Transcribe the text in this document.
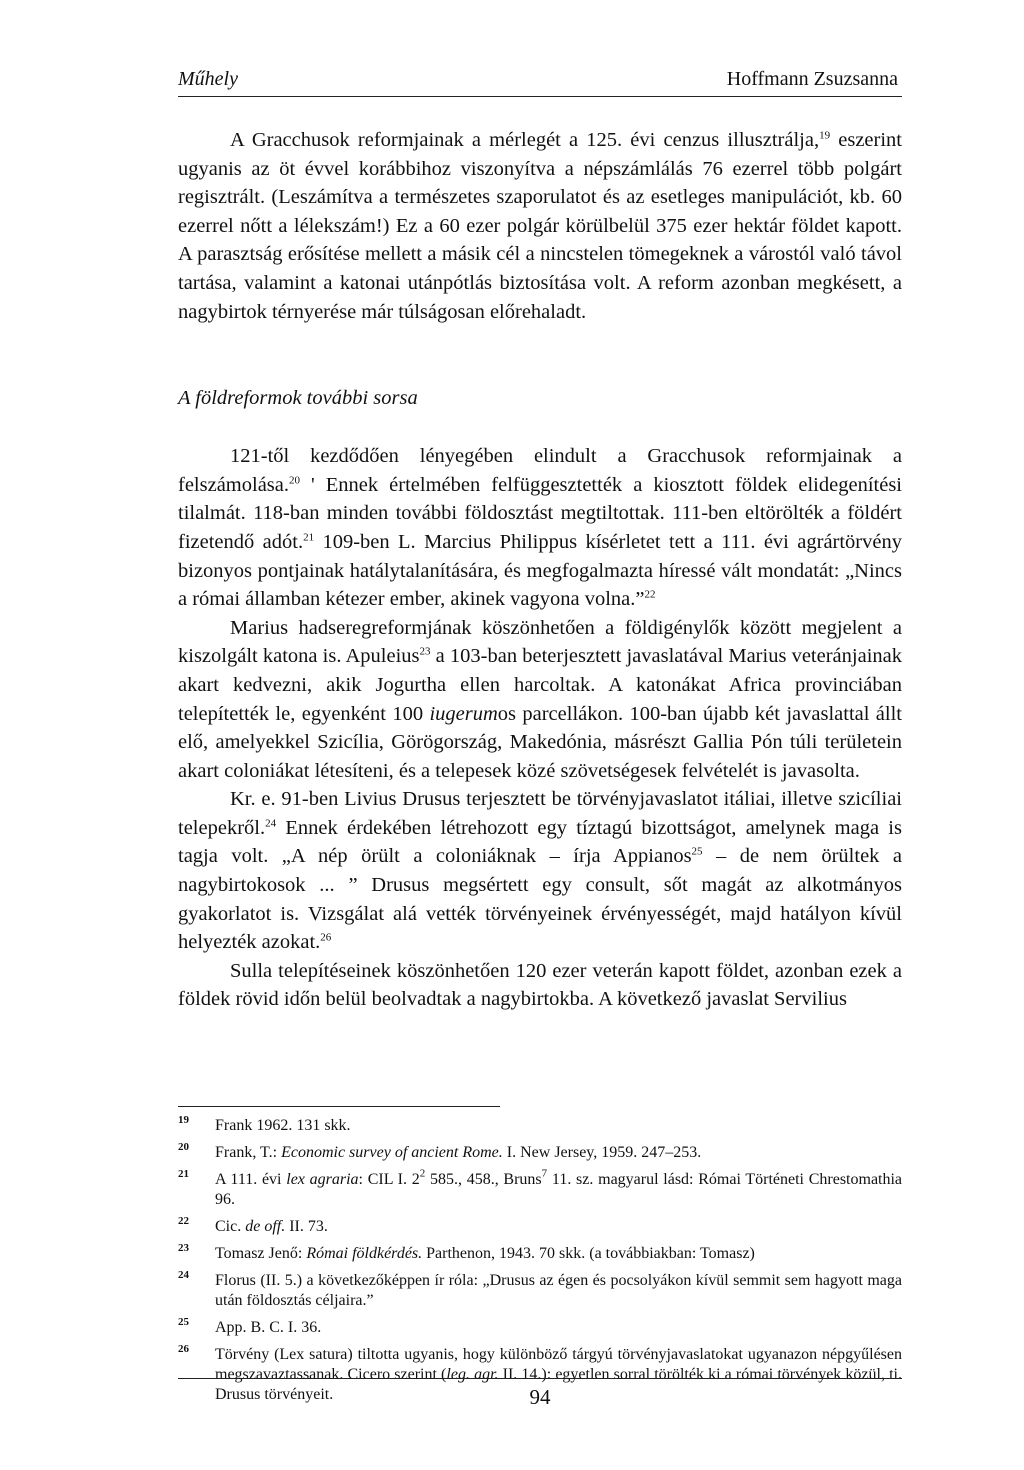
Műhely	Hoffmann Zsuzsanna

A Gracchusok reformjainak a mérlegét a 125. évi cenzus illusztrálja,$^{19}$ eszerint ugyanis az öt évvel korábbihoz viszonyítva a népszámlálás 76 ezerrel több polgárt regisztrált. (Leszámítva a természetes szaporulatot és az esetleges manipulációt, kb. 60 ezerrel nőtt a lélekszám!) Ez a 60 ezer polgár körülbelül 375 ezer hektár földet kapott. A parasztság erősítése mellett a másik cél a nincstelen tömegeknek a várostól való távol tartása, valamint a katonai utánpótlás biztosítása volt. A reform azonban megkésett, a nagybirtok térnyerése már túlságosan előrehaladt.

A földreformok további sorsa

121-től kezdődően lényegében elindult a Gracchusok reformjainak a felszámolása.$^{20}$ ' Ennek értelmében felfüggesztették a kiosztott földek elidegenítési tilalmát. 118-ban minden további földosztást megtiltottak. 111-ben eltörölték a földért fizetendő adót.$^{21}$ 109-ben L. Marcius Philippus kísérletet tett a 111. évi agrártörvény bizonyos pontjainak hatálytalanítására, és megfogalmazta híressé vált mondatát: „Nincs a római államban kétezer ember, akinek vagyona volna.”$^{22}$

Marius hadseregreformjának köszönhetően a földigénylők között megjelent a kiszolgált katona is. Apuleius$^{23}$ a 103-ban beterjesztett javaslatával Marius veteránjainak akart kedvezni, akik Jogurtha ellen harcoltak. A katonákat Africa provinciában telepítették le, egyenként 100 iugerumos parcellákon. 100-ban újabb két javaslattal állt elő, amelyekkel Szicília, Görögország, Makedónia, másrészt Gallia Pón túli területein akart coloniákat létesíteni, és a telepesek közé szövetségesek felvételét is javasolta.

Kr. e. 91-ben Livius Drusus terjesztett be törvényjavaslatot itáliai, illetve szicíliai telepekről.$^{24}$ Ennek érdekében létrehozott egy tíztagú bizottságot, amelynek maga is tagja volt. „A nép örült a coloniáknak – írja Appianos$^{25}$ – de nem örültek a nagybirtokosok ... ” Drusus megsértett egy consult, sőt magát az alkotmányos gyakorlatot is. Vizsgálat alá vették törvényeinek érvényességét, majd hatályon kívül helyezték azokat.$^{26}$

Sulla telepítéseinek köszönhetően 120 ezer veterán kapott földet, azonban ezek a földek rövid időn belül beolvadtak a nagybirtokba. A következő javaslat Servilius

19 Frank 1962. 131 skk.

20 Frank, T.: Economic survey of ancient Rome. I. New Jersey, 1959. 247–253.

21 A 111. évi lex agraria: CIL I. $2^2$ 585., 458., Bruns$^7$ 11. sz. magyarul lásd: Római Történeti Chrestomathia 96.

22 Cic. de off. II. 73.

23 Tomasz Jenő: Római földkérdés. Parthenon, 1943. 70 skk. (a továbbiakban: Tomasz)

24 Florus (II. 5.) a következőképpen ír róla: „Drusus az égen és pocsolyákon kívül semmit sem hagyott maga után földosztás céljaira.”

25 App. B. C. I. 36.

26 Törvény (Lex satura) tiltotta ugyanis, hogy különböző tárgyú törvényjavaslatokat ugyanazon népgyűlésen megszavaztassanak. Cicero szerint (leg. agr. II. 14.): egyetlen sorral törölték ki a római törvények közül, ti. Drusus törvényeit.	94
